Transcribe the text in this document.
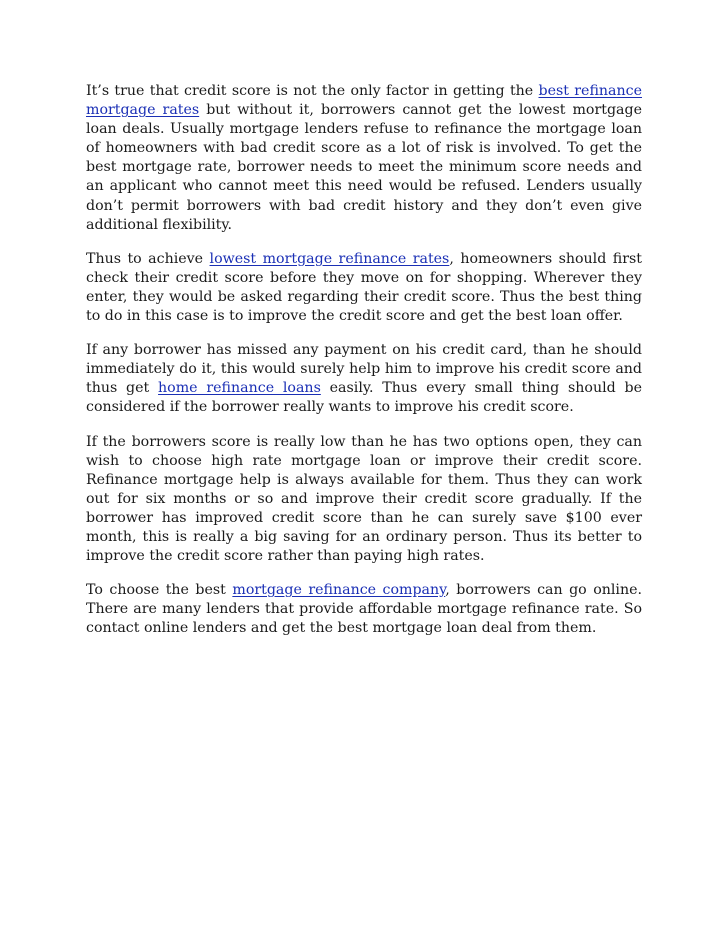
It’s true that credit score is not the only factor in getting the best refinance mortgage rates but without it, borrowers cannot get the lowest mortgage loan deals. Usually mortgage lenders refuse to refinance the mortgage loan of homeowners with bad credit score as a lot of risk is involved. To get the best mortgage rate, borrower needs to meet the minimum score needs and an applicant who cannot meet this need would be refused. Lenders usually don’t permit borrowers with bad credit history and they don’t even give additional flexibility.

Thus to achieve lowest mortgage refinance rates, homeowners should first check their credit score before they move on for shopping. Wherever they enter, they would be asked regarding their credit score. Thus the best thing to do in this case is to improve the credit score and get the best loan offer.

If any borrower has missed any payment on his credit card, than he should immediately do it, this would surely help him to improve his credit score and thus get home refinance loans easily. Thus every small thing should be considered if the borrower really wants to improve his credit score.

If the borrowers score is really low than he has two options open, they can wish to choose high rate mortgage loan or improve their credit score. Refinance mortgage help is always available for them. Thus they can work out for six months or so and improve their credit score gradually. If the borrower has improved credit score than he can surely save $100 ever month, this is really a big saving for an ordinary person. Thus its better to improve the credit score rather than paying high rates.

To choose the best mortgage refinance company, borrowers can go online. There are many lenders that provide affordable mortgage refinance rate. So contact online lenders and get the best mortgage loan deal from them.
